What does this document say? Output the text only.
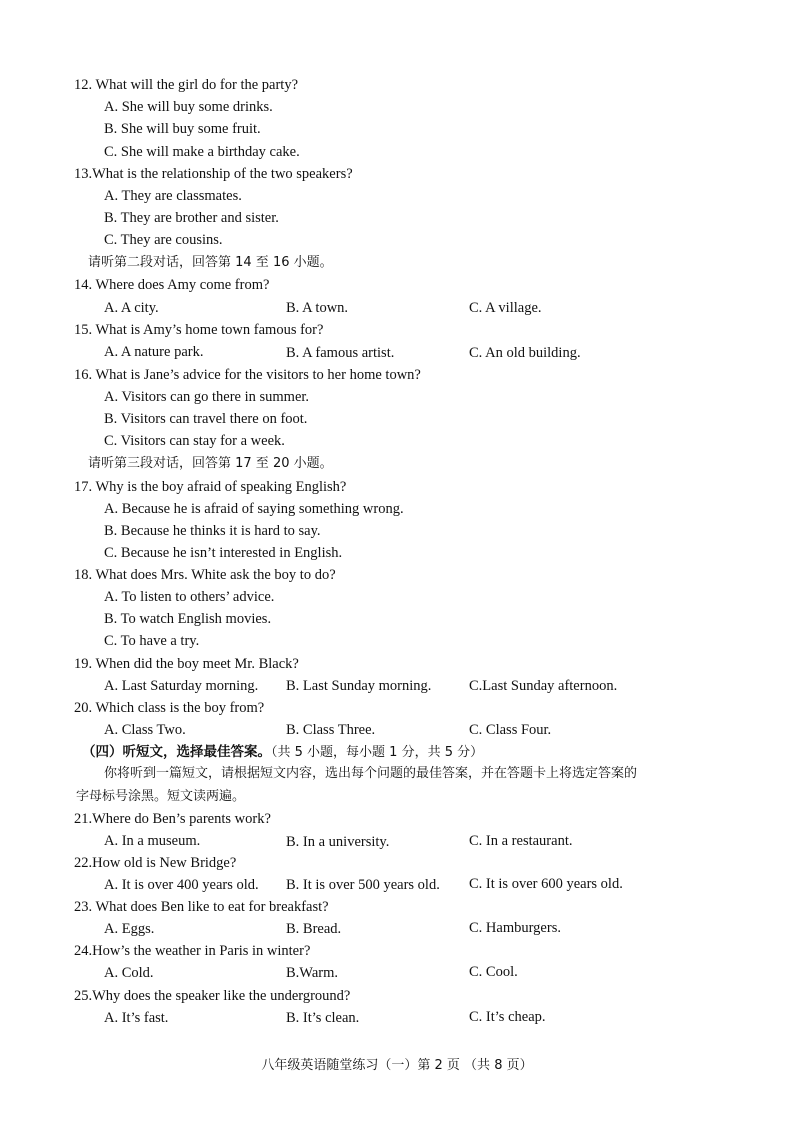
12. What will the girl do for the party?
A. She will buy some drinks.
B. She will buy some fruit.
C. She will make a birthday cake.
13.What is the relationship of the two speakers?
A. They are classmates.
B. They are brother and sister.
C. They are cousins.
请听第二段对话，回答第 14 至 16 小题。
14. Where does Amy come from?
A. A city.	B. A town.	C. A village.
15. What is Amy’s home town famous for?
A. A nature park.	B. A famous artist.	C. An old building.
16. What is Jane’s advice for the visitors to her home town?
A. Visitors can go there in summer.
B. Visitors can travel there on foot.
C. Visitors can stay for a week.
请听第三段对话，回答第 17 至 20 小题。
17. Why is the boy afraid of speaking English?
A. Because he is afraid of saying something wrong.
B. Because he thinks it is hard to say.
C. Because he isn’t interested in English.
18. What does Mrs. White ask the boy to do?
A. To listen to others’ advice.
B. To watch English movies.
C. To have a try.
19. When did the boy meet Mr. Black?
A. Last Saturday morning. B. Last Sunday morning.	C.Last Sunday afternoon.
20. Which class is the boy from?
A. Class Two.	B. Class Three.	C. Class Four.
（四）听短文，选择最佳答案。（共 5 小题，每小题 1 分，共 5 分）
你将听到一篇短文，请根据短文内容，选出每个问题的最佳答案，并在答题卡上将选定答案的
字母标号涂黑。短文读两遍。
21.Where do Ben’s parents work?
A. In a museum.	B. In a university.	C. In a restaurant.
22.How old is New Bridge?
A. It is over 400 years old. B. It is over 500 years old. C. It is over 600 years old.
23. What does Ben like to eat for breakfast?
A. Eggs.	B. Bread.	C. Hamburgers.
24.How’s the weather in Paris in winter?
A. Cold.	B.Warm.	C. Cool.
25.Why does the speaker like the underground?
A. It’s fast.	B. It’s clean.	C. It’s cheap.
八年级英语随堂练习（一）第 2 页 （共 8 页）
